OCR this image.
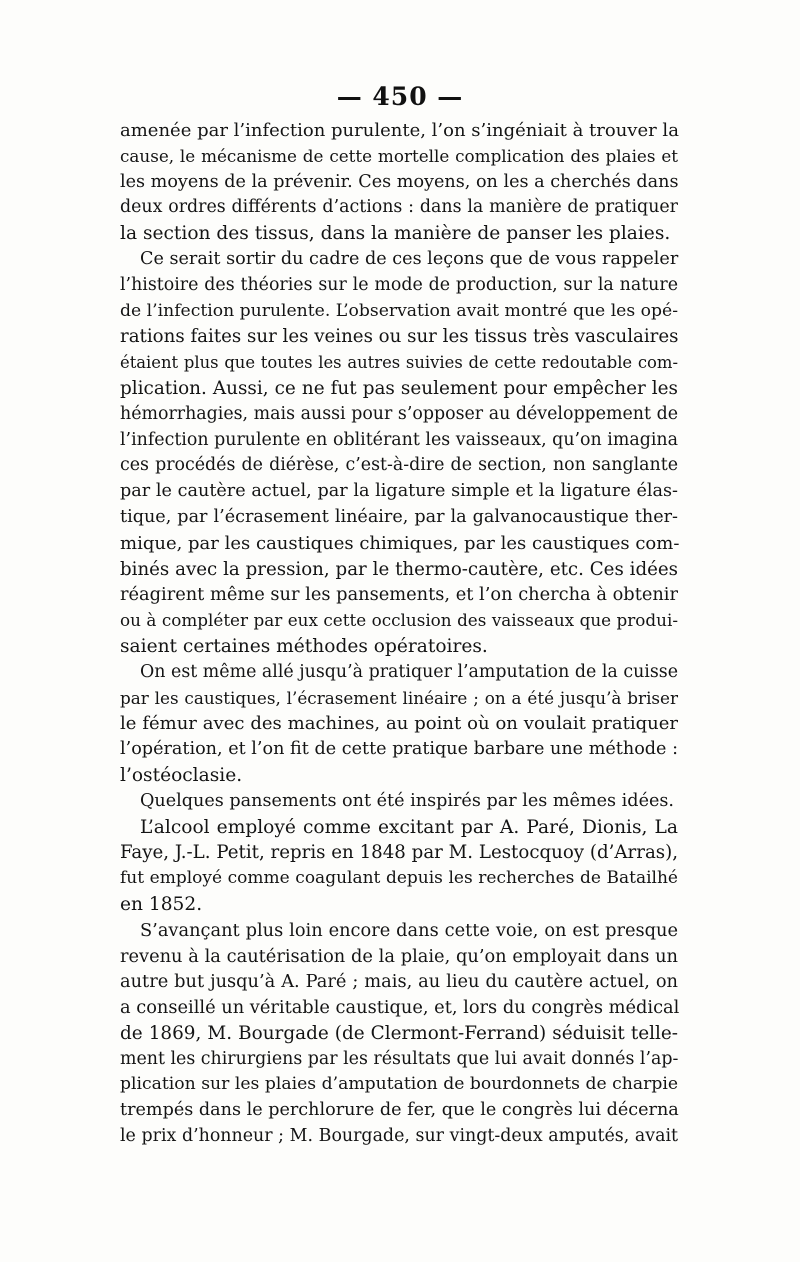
— 450 —
amenée par l’infection purulente, l’on s’ingéniait à trouver la
cause, le mécanisme de cette mortelle complication des plaies et
les moyens de la prévenir. Ces moyens, on les a cherchés dans
deux ordres différents d’actions : dans la manière de pratiquer
la section des tissus, dans la manière de panser les plaies.
Ce serait sortir du cadre de ces leçons que de vous rappeler
l’histoire des théories sur le mode de production, sur la nature
de l’infection purulente. L’observation avait montré que les opé-
rations faites sur les veines ou sur les tissus très vasculaires
étaient plus que toutes les autres suivies de cette redoutable com-
plication. Aussi, ce ne fut pas seulement pour empêcher les
hémorrhagies, mais aussi pour s’opposer au développement de
l’infection purulente en oblitérant les vaisseaux, qu’on imagina
ces procédés de diérèse, c’est-à-dire de section, non sanglante
par le cautère actuel, par la ligature simple et la ligature élas-
tique, par l’écrasement linéaire, par la galvanocaustique ther-
mique, par les caustiques chimiques, par les caustiques com-
binés avec la pression, par le thermo-cautère, etc. Ces idées
réagirent même sur les pansements, et l’on chercha à obtenir
ou à compléter par eux cette occlusion des vaisseaux que produi-
saient certaines méthodes opératoires.
On est même allé jusqu’à pratiquer l’amputation de la cuisse
par les caustiques, l’écrasement linéaire ; on a été jusqu’à briser
le fémur avec des machines, au point où on voulait pratiquer
l’opération, et l’on fit de cette pratique barbare une méthode :
l’ostéoclasie.
Quelques pansements ont été inspirés par les mêmes idées.
L’alcool employé comme excitant par A. Paré, Dionis, La
Faye, J.-L. Petit, repris en 1848 par M. Lestocquoy (d’Arras),
fut employé comme coagulant depuis les recherches de Batailhé
en 1852.
S’avançant plus loin encore dans cette voie, on est presque
revenu à la cautérisation de la plaie, qu’on employait dans un
autre but jusqu’à A. Paré ; mais, au lieu du cautère actuel, on
a conseillé un véritable caustique, et, lors du congrès médical
de 1869, M. Bourgade (de Clermont-Ferrand) séduisit telle-
ment les chirurgiens par les résultats que lui avait donnés l’ap-
plication sur les plaies d’amputation de bourdonnets de charpie
trempés dans le perchlorure de fer, que le congrès lui décerna
le prix d’honneur ; M. Bourgade, sur vingt-deux amputés, avait
